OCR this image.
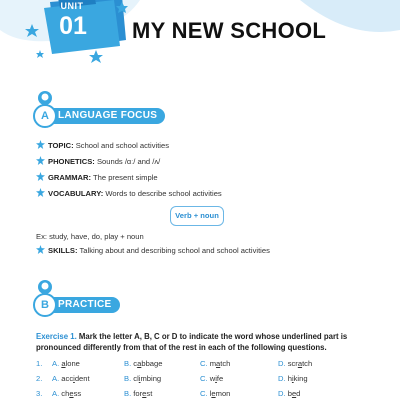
UNIT
01	MY NEW SCHOOL
LANGUAGE FOCUS
A
TOPIC: School and school activities
PHONETICS: Sounds /ɑː/ and /ʌ/
GRAMMAR: The present simple
VOCABULARY: Words to describe school activities
Verb + noun
Ex: study, have, do, play + noun
SKILLS: Talking about and describing school and school activities
PRACTICE
B
Exercise 1. Mark the letter A, B, C or D to indicate the word whose underlined part is pronounced differently from that of the rest in each of the following questions.
1. A. alone	B. cabbage	C. match	D. scratch
2. A. accident	B. climbing	C. wife	D. hiking
3. A. chess	B. forest	C. lemon	D. bed
